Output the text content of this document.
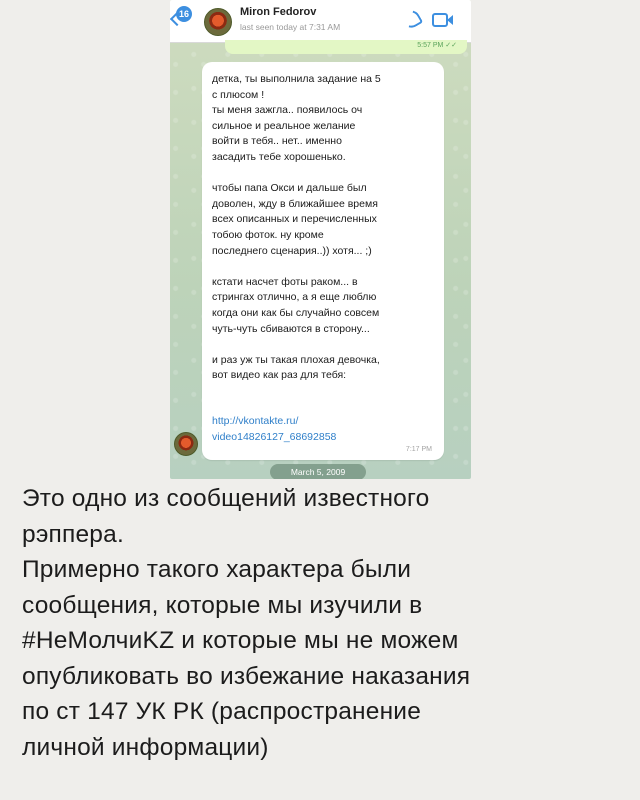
16	Miron Fedorov
last seen today at 7:31 AM
5:57 PM ✓✓
детка, ты выполнила задание на 5
с плюсом !
ты меня зажгла.. появилось оч
сильное и реальное желание
войти в тебя.. нет.. именно
засадить тебе хорошенько.

чтобы папа Окси и дальше был
доволен, жду в ближайшее время
всех описанных и перечисленных
тобою фоток. ну кроме
последнего сценария..)) хотя... ;)

кстати насчет фоты раком... в
стрингах отлично, а я еще люблю
когда они как бы случайно совсем
чуть-чуть сбиваются в сторону...

и раз уж ты такая плохая девочка,
вот видео как раз для тебя:
http://vkontakte.ru/
video14826127_68692858
7:17 PM
March 5, 2009
Это одно из сообщений известного
рэппера.
Примерно такого характера были
сообщения, которые мы изучили в
#НеМолчиKZ и которые мы не можем
опубликовать во избежание наказания
по ст 147 УК РК (распространение
личной информации)
